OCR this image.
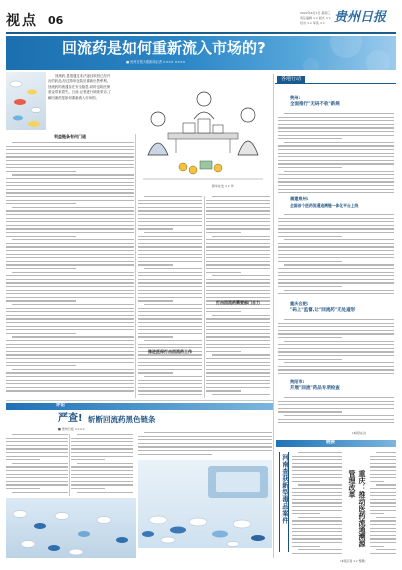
视点 06
2022年6月1日 星期三
责任编辑 ×× 版式 ××
校对 ×× 审读 ×× 贵州日报
回流药是如何重新流入市场的?
■ 贵州日报天眼新闻记者 ×××× ××××
回流药,是指通过非法途径收回已经开出的药品,经过简单包装后重新出售牟利。回流药的流通存在安全隐患,同时也给医保基金带来损失。日前,记者进行调查采访,了解回流药是如何重新流入市场的。
新华社发 ×× 作
利益链条有何门道
推进医保打击回流药工作
打击回流药需要部门合力
各地行动
贵州:
全面推行"无码不收"新规
福建泉州:
全国首个医药流通追溯链一体化平台上线
重庆合肥:
"码上"监督,让"回流药"无处遁形
贵阳市:
开展"回流"药品专项检查
(本报综合)
评论
严查! 斩断回流药黑色链条
■ 贵州日报 ××××
链接
河南查获新型毒品案件	重庆：推动医药流通溯源管理改革
(本报记者 ×× 整理)
